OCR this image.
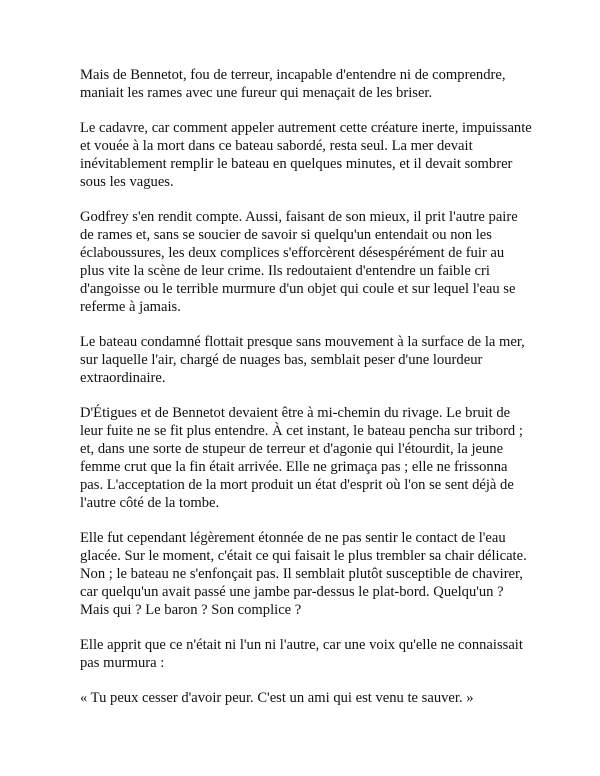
Mais de Bennetot, fou de terreur, incapable d'entendre ni de comprendre, maniait les rames avec une fureur qui menaçait de les briser.

Le cadavre, car comment appeler autrement cette créature inerte, impuissante et vouée à la mort dans ce bateau sabordé, resta seul. La mer devait inévitablement remplir le bateau en quelques minutes, et il devait sombrer sous les vagues.

Godfrey s'en rendit compte. Aussi, faisant de son mieux, il prit l'autre paire de rames et, sans se soucier de savoir si quelqu'un entendait ou non les éclaboussures, les deux complices s'efforcèrent désespérément de fuir au plus vite la scène de leur crime. Ils redoutaient d'entendre un faible cri d'angoisse ou le terrible murmure d'un objet qui coule et sur lequel l'eau se referme à jamais.

Le bateau condamné flottait presque sans mouvement à la surface de la mer, sur laquelle l'air, chargé de nuages bas, semblait peser d'une lourdeur extraordinaire.

D'Étigues et de Bennetot devaient être à mi-chemin du rivage. Le bruit de leur fuite ne se fit plus entendre. À cet instant, le bateau pencha sur tribord ; et, dans une sorte de stupeur de terreur et d'agonie qui l'étourdit, la jeune femme crut que la fin était arrivée. Elle ne grimaça pas ; elle ne frissonna pas. L'acceptation de la mort produit un état d'esprit où l'on se sent déjà de l'autre côté de la tombe.

Elle fut cependant légèrement étonnée de ne pas sentir le contact de l'eau glacée. Sur le moment, c'était ce qui faisait le plus trembler sa chair délicate. Non ; le bateau ne s'enfonçait pas. Il semblait plutôt susceptible de chavirer, car quelqu'un avait passé une jambe par-dessus le plat-bord. Quelqu'un ? Mais qui ? Le baron ? Son complice ?

Elle apprit que ce n'était ni l'un ni l'autre, car une voix qu'elle ne connaissait pas murmura :

« Tu peux cesser d'avoir peur. C'est un ami qui est venu te sauver. »
